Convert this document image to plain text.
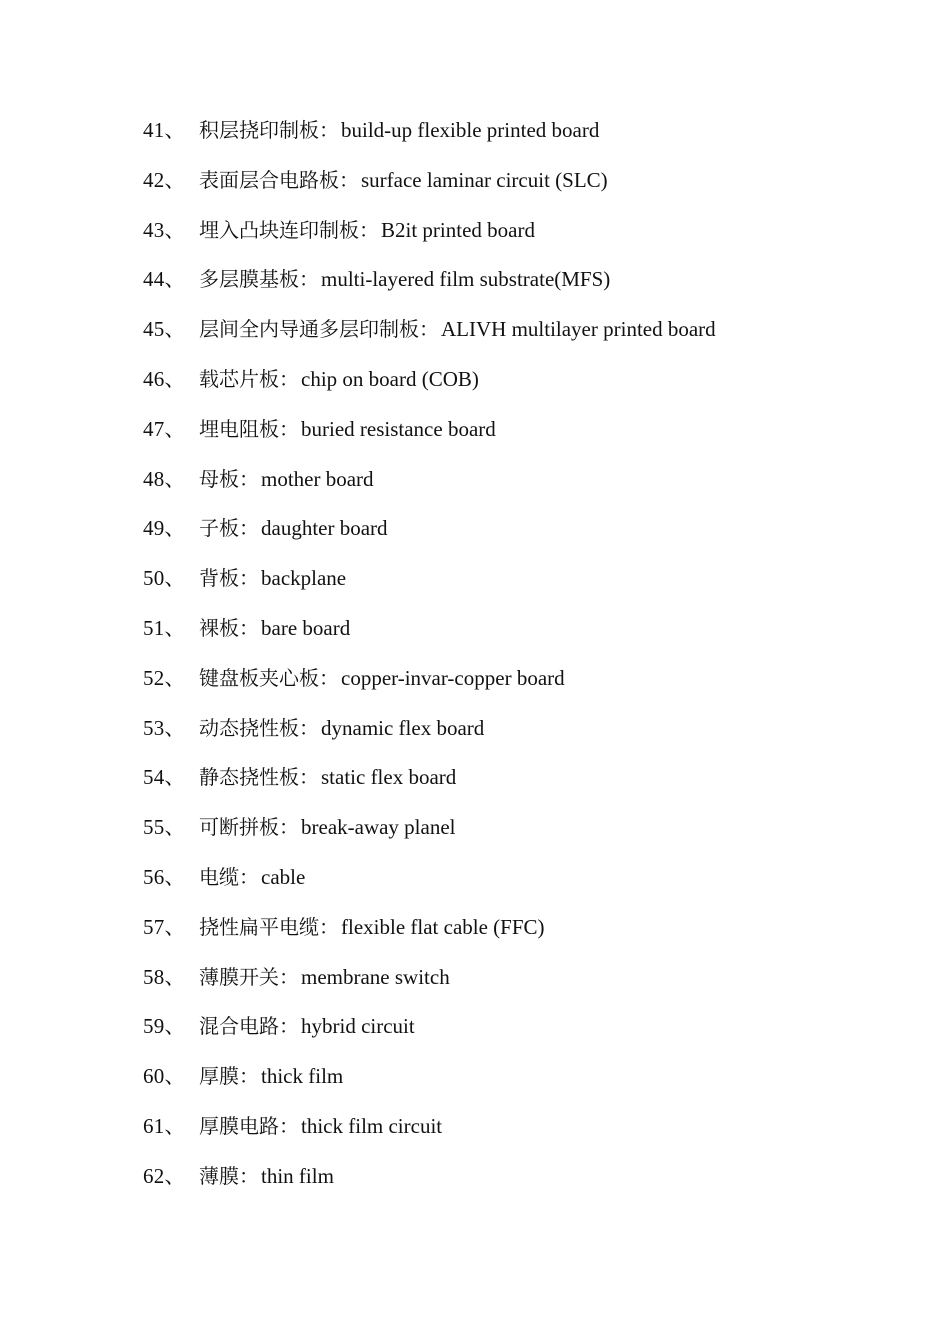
41、 积层挠印制板： build-up flexible printed board
42、 表面层合电路板： surface laminar circuit (SLC)
43、 埋入凸块连印制板： B2it printed board
44、 多层膜基板： multi-layered film substrate(MFS)
45、 层间全内导通多层印制板： ALIVH multilayer printed board
46、 载芯片板： chip on board (COB)
47、 埋电阻板： buried resistance board
48、 母板： mother board
49、 子板： daughter board
50、 背板： backplane
51、 裸板： bare board
52、 键盘板夹心板： copper-invar-copper board
53、 动态挠性板： dynamic flex board
54、 静态挠性板： static flex board
55、 可断拼板： break-away planel
56、 电缆： cable
57、 挠性扁平电缆： flexible flat cable (FFC)
58、 薄膜开关： membrane switch
59、 混合电路： hybrid circuit
60、 厚膜： thick film
61、 厚膜电路： thick film circuit
62、 薄膜： thin film
